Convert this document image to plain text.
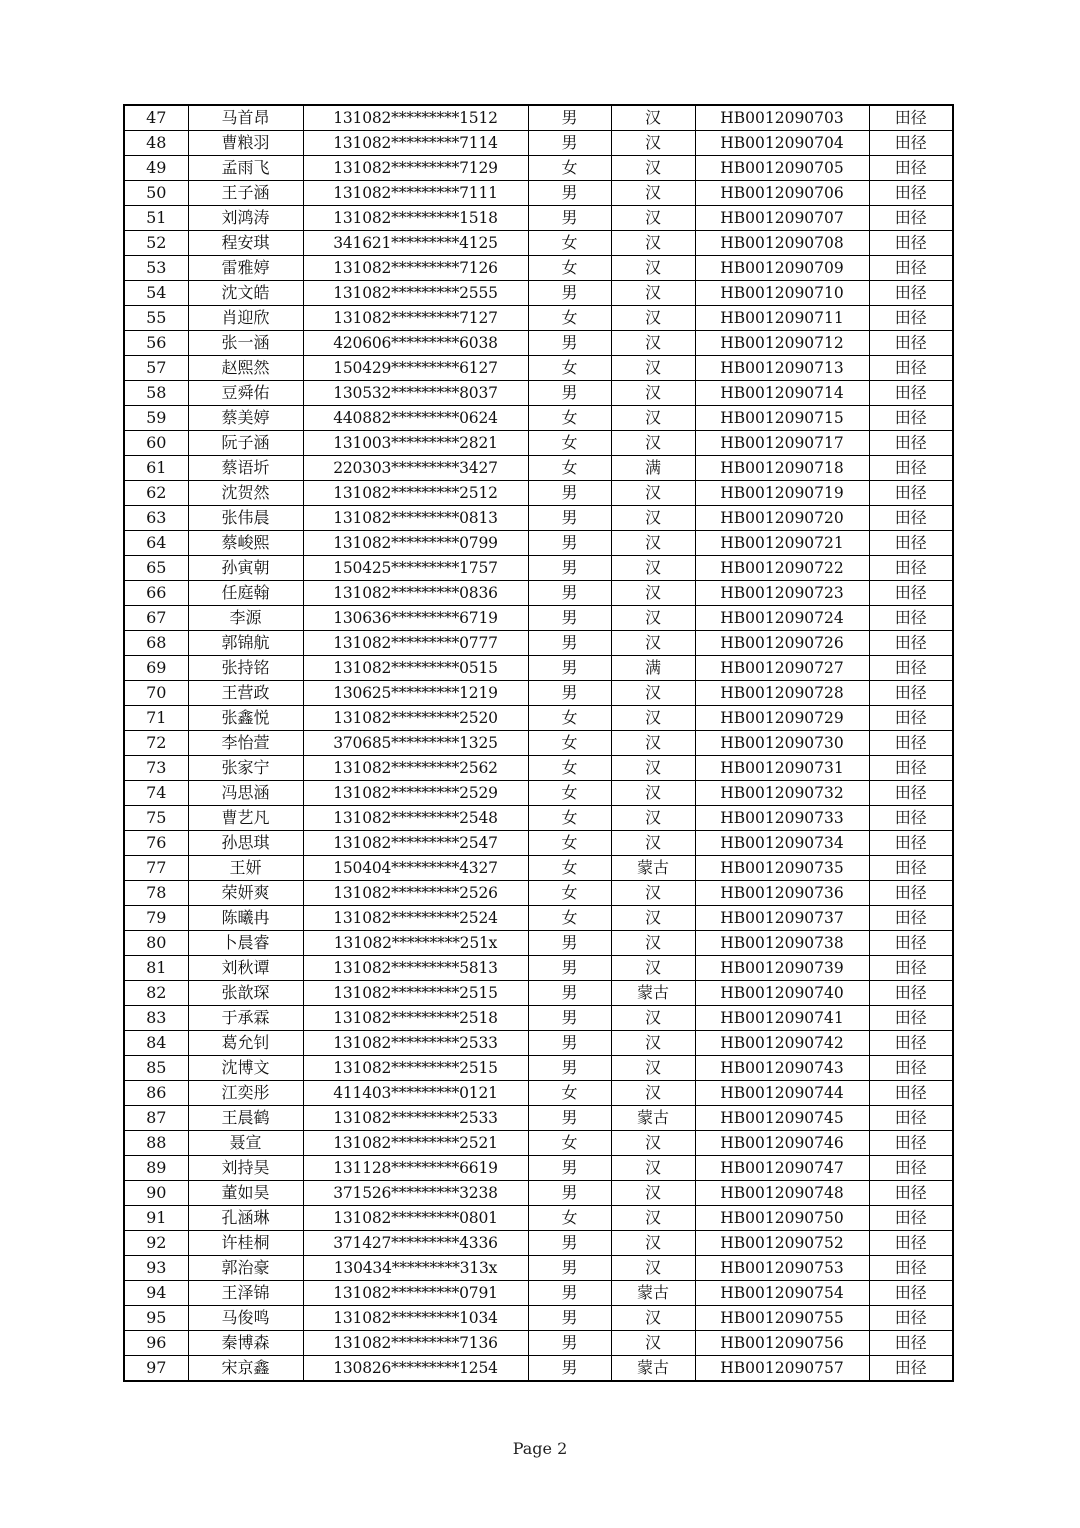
47	马首昂	131082*********1512	男	汉	HB0012090703	田径
48	曹粮羽	131082*********7114	男	汉	HB0012090704	田径
49	孟雨飞	131082*********7129	女	汉	HB0012090705	田径
50	王子涵	131082*********7111	男	汉	HB0012090706	田径
51	刘鸿涛	131082*********1518	男	汉	HB0012090707	田径
52	程安琪	341621*********4125	女	汉	HB0012090708	田径
53	雷雅婷	131082*********7126	女	汉	HB0012090709	田径
54	沈文皓	131082*********2555	男	汉	HB0012090710	田径
55	肖迎欣	131082*********7127	女	汉	HB0012090711	田径
56	张一涵	420606*********6038	男	汉	HB0012090712	田径
57	赵熙然	150429*********6127	女	汉	HB0012090713	田径
58	豆舜佑	130532*********8037	男	汉	HB0012090714	田径
59	蔡美婷	440882*********0624	女	汉	HB0012090715	田径
60	阮子涵	131003*********2821	女	汉	HB0012090717	田径
61	蔡语圻	220303*********3427	女	满	HB0012090718	田径
62	沈贺然	131082*********2512	男	汉	HB0012090719	田径
63	张伟晨	131082*********0813	男	汉	HB0012090720	田径
64	蔡峻熙	131082*********0799	男	汉	HB0012090721	田径
65	孙寅朝	150425*********1757	男	汉	HB0012090722	田径
66	任庭翰	131082*********0836	男	汉	HB0012090723	田径
67	李源	130636*********6719	男	汉	HB0012090724	田径
68	郭锦航	131082*********0777	男	汉	HB0012090726	田径
69	张持铭	131082*********0515	男	满	HB0012090727	田径
70	王营政	130625*********1219	男	汉	HB0012090728	田径
71	张鑫悦	131082*********2520	女	汉	HB0012090729	田径
72	李怡萱	370685*********1325	女	汉	HB0012090730	田径
73	张家宁	131082*********2562	女	汉	HB0012090731	田径
74	冯思涵	131082*********2529	女	汉	HB0012090732	田径
75	曹艺凡	131082*********2548	女	汉	HB0012090733	田径
76	孙思琪	131082*********2547	女	汉	HB0012090734	田径
77	王妍	150404*********4327	女	蒙古	HB0012090735	田径
78	荣妍爽	131082*********2526	女	汉	HB0012090736	田径
79	陈曦冉	131082*********2524	女	汉	HB0012090737	田径
80	卜晨睿	131082*********251x	男	汉	HB0012090738	田径
81	刘秋谭	131082*********5813	男	汉	HB0012090739	田径
82	张歆琛	131082*********2515	男	蒙古	HB0012090740	田径
83	于承霖	131082*********2518	男	汉	HB0012090741	田径
84	葛允钊	131082*********2533	男	汉	HB0012090742	田径
85	沈博文	131082*********2515	男	汉	HB0012090743	田径
86	江奕彤	411403*********0121	女	汉	HB0012090744	田径
87	王晨鹤	131082*********2533	男	蒙古	HB0012090745	田径
88	聂宣	131082*********2521	女	汉	HB0012090746	田径
89	刘持昊	131128*********6619	男	汉	HB0012090747	田径
90	董如昊	371526*********3238	男	汉	HB0012090748	田径
91	孔涵琳	131082*********0801	女	汉	HB0012090750	田径
92	许桂桐	371427*********4336	男	汉	HB0012090752	田径
93	郭治豪	130434*********313x	男	汉	HB0012090753	田径
94	王泽锦	131082*********0791	男	蒙古	HB0012090754	田径
95	马俊鸣	131082*********1034	男	汉	HB0012090755	田径
96	秦博森	131082*********7136	男	汉	HB0012090756	田径
97	宋京鑫	130826*********1254	男	蒙古	HB0012090757	田径
Page 2
